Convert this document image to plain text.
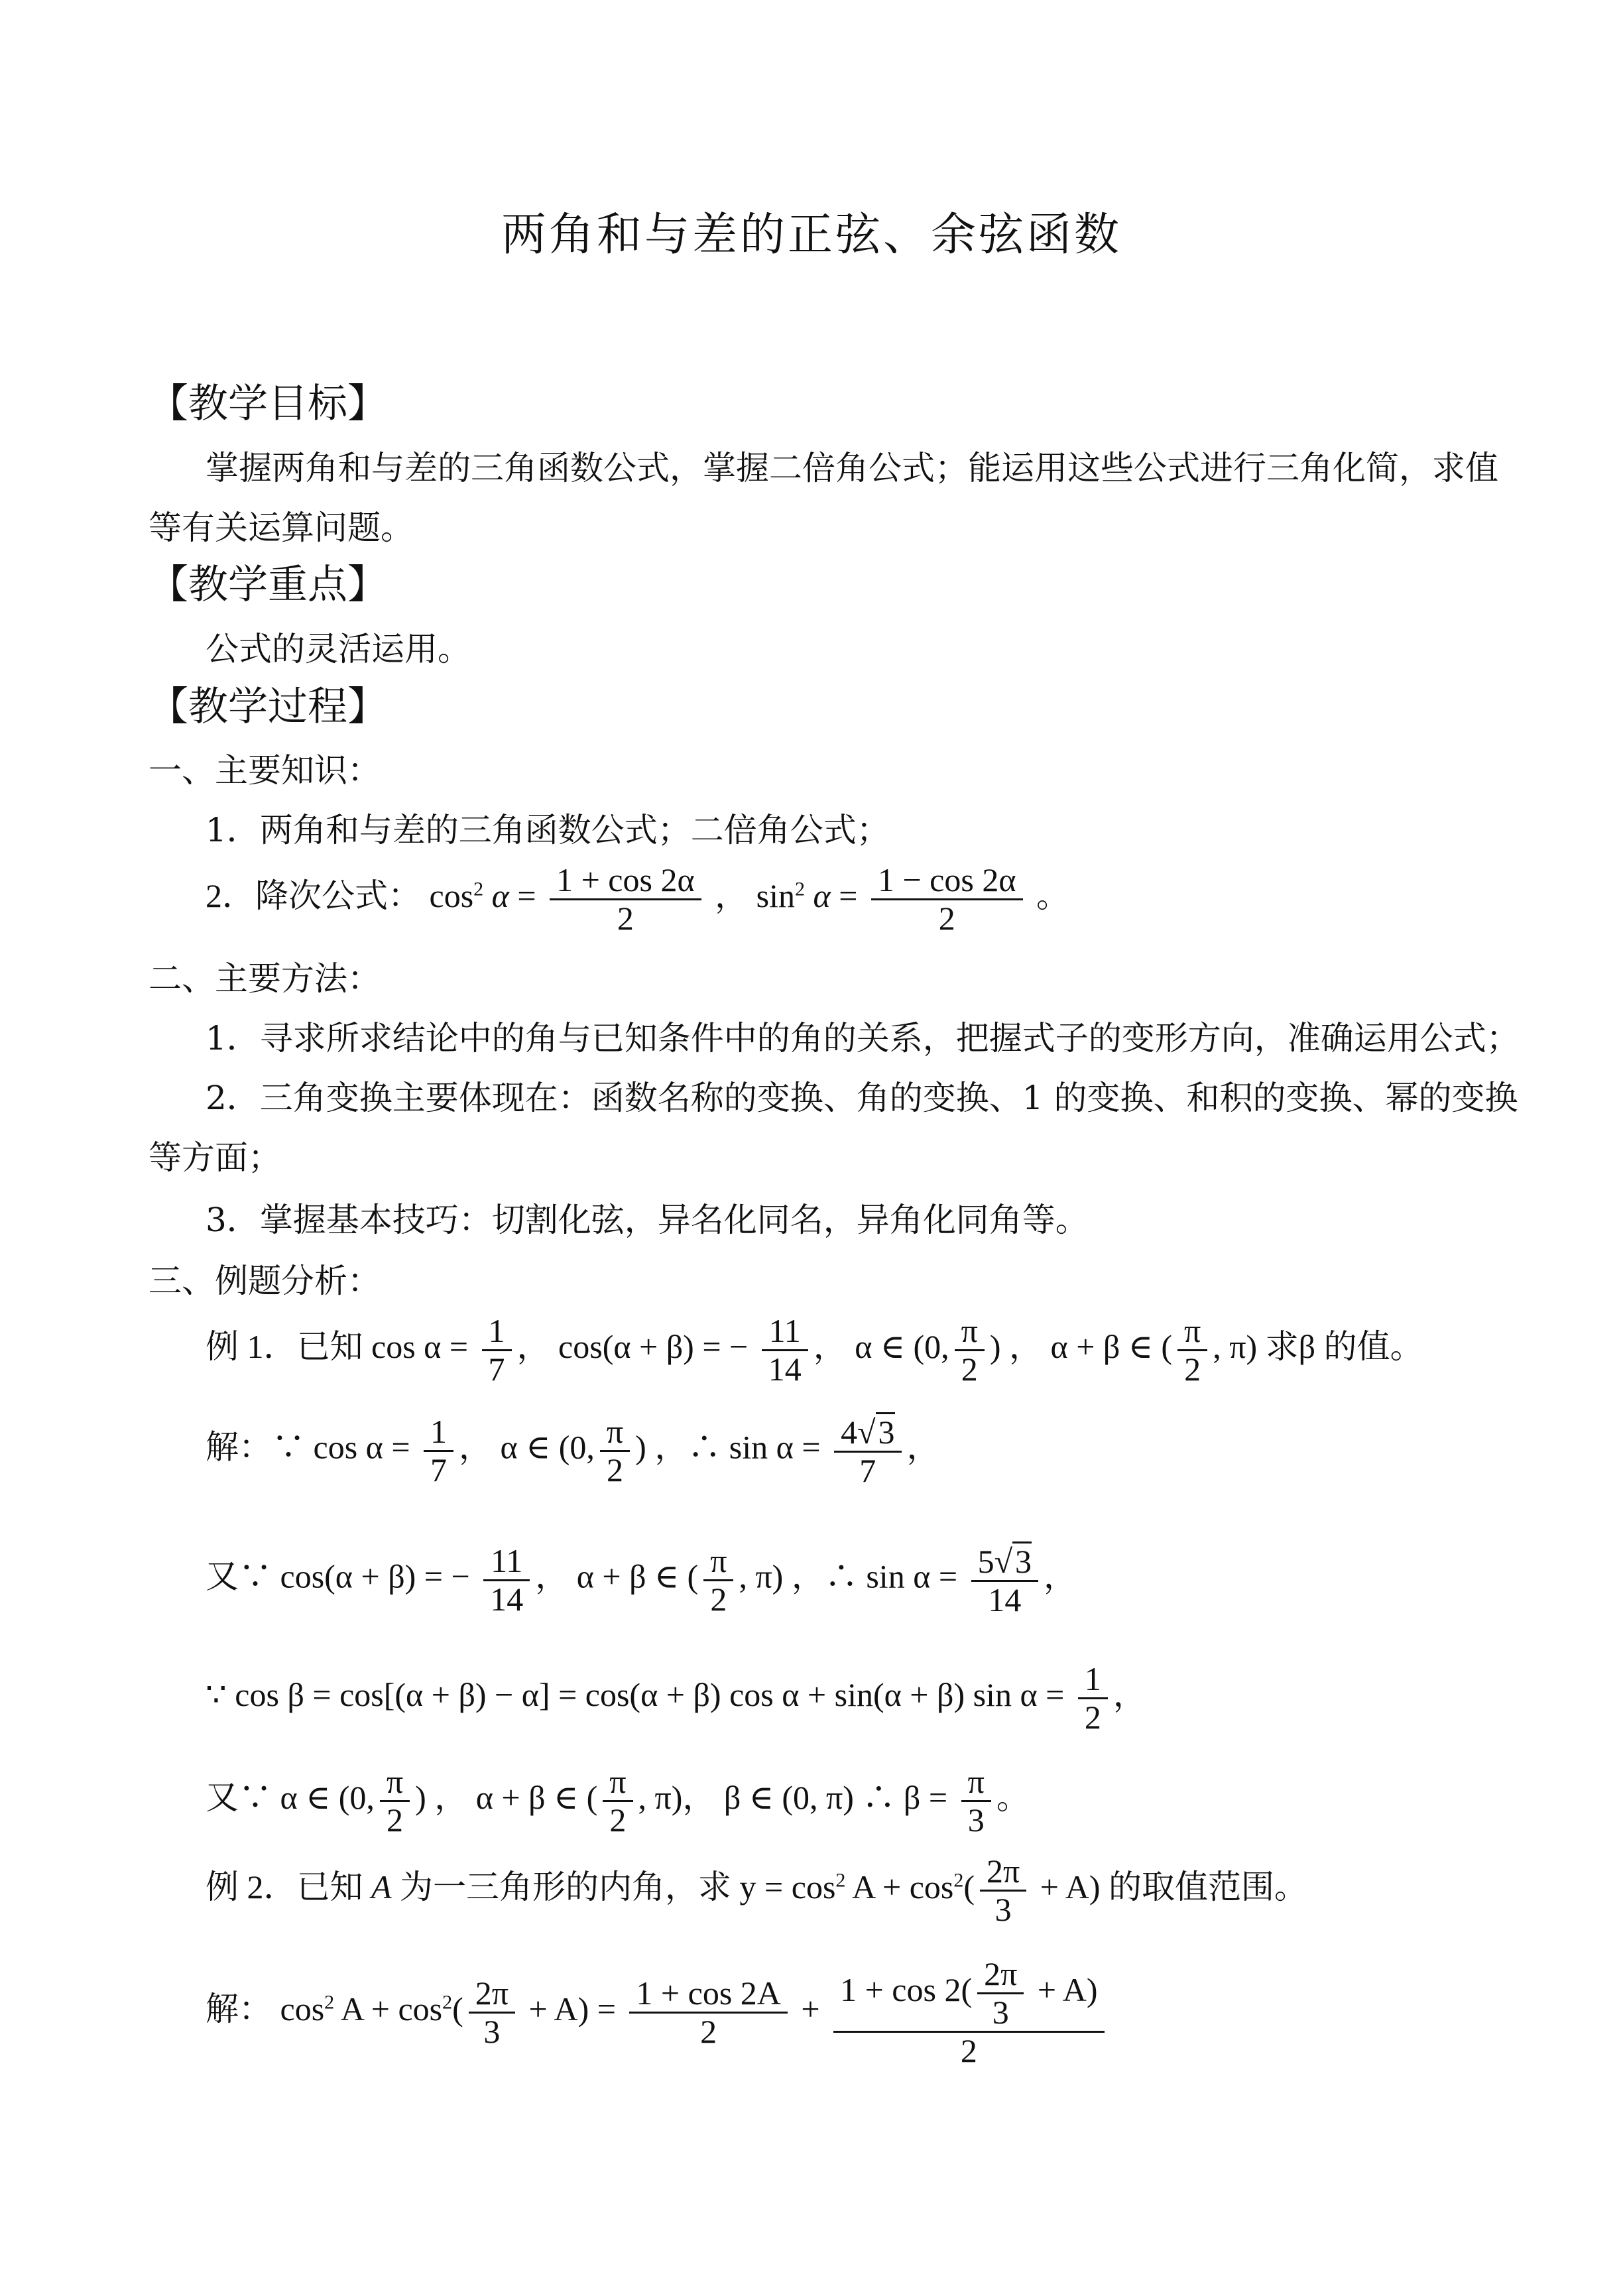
两角和与差的正弦、余弦函数
【教学目标】
掌握两角和与差的三角函数公式，掌握二倍角公式；能运用这些公式进行三角化简，求值
等有关运算问题。
【教学重点】
公式的灵活运用。
【教学过程】
一、主要知识：
1．两角和与差的三角函数公式；二倍角公式；
2．降次公式： $\cos^2 \alpha = \frac{1 + \cos 2\alpha}{2}$ ， $\sin^2 \alpha = \frac{1 - \cos 2\alpha}{2}$ 。
二、主要方法：
1．寻求所求结论中的角与已知条件中的角的关系，把握式子的变形方向，准确运用公式；
2．三角变换主要体现在：函数名称的变换、角的变换、1 的变换、和积的变换、幂的变换
等方面；
3．掌握基本技巧：切割化弦，异名化同名，异角化同角等。
三、例题分析：
例 1．已知 $\cos \alpha = \frac{1}{7}$ ， cos(α + β) = − $\frac{11}{14}$ ， α ∈ (0, $\frac{\pi}{2}$ ) ， α + β ∈ ( $\frac{\pi}{2}$ , π) 求β 的值。
解：∵ $\cos \alpha = \frac{1}{7}$ ， α ∈ (0, $\frac{\pi}{2}$ ) ，∴ $\sin \alpha = \frac{4√3}{7}$ ，
又∵ cos(α + β) = − $\frac{11}{14}$ ， α + β ∈ ( $\frac{\pi}{2}$ , π) ，∴ $\sin \alpha = \frac{5√3}{14}$ ，
∵ cos β = cos[(α + β) − α] = cos(α + β) cos α + sin(α + β) $\sin \alpha = \frac{1}{2}$ ，
又∵ α ∈ (0, $\frac{\pi}{2}$ ) ， α + β ∈ ( $\frac{\pi}{2}$ , π)， β ∈ (0, π) ∴ $\beta = \frac{\pi}{3}$ 。
例 2．已知 A 为一三角形的内角，求 $y = \cos^2 A + \cos^2( \frac{2\pi}{3} + A)$ 的取值范围。
解： $\cos^2 A + \cos^2( \frac{2\pi}{3} + A) = \frac{1 + \cos 2A}{2} + \frac{1 + \cos 2( \frac{2\pi}{3} + A)}{2}$
